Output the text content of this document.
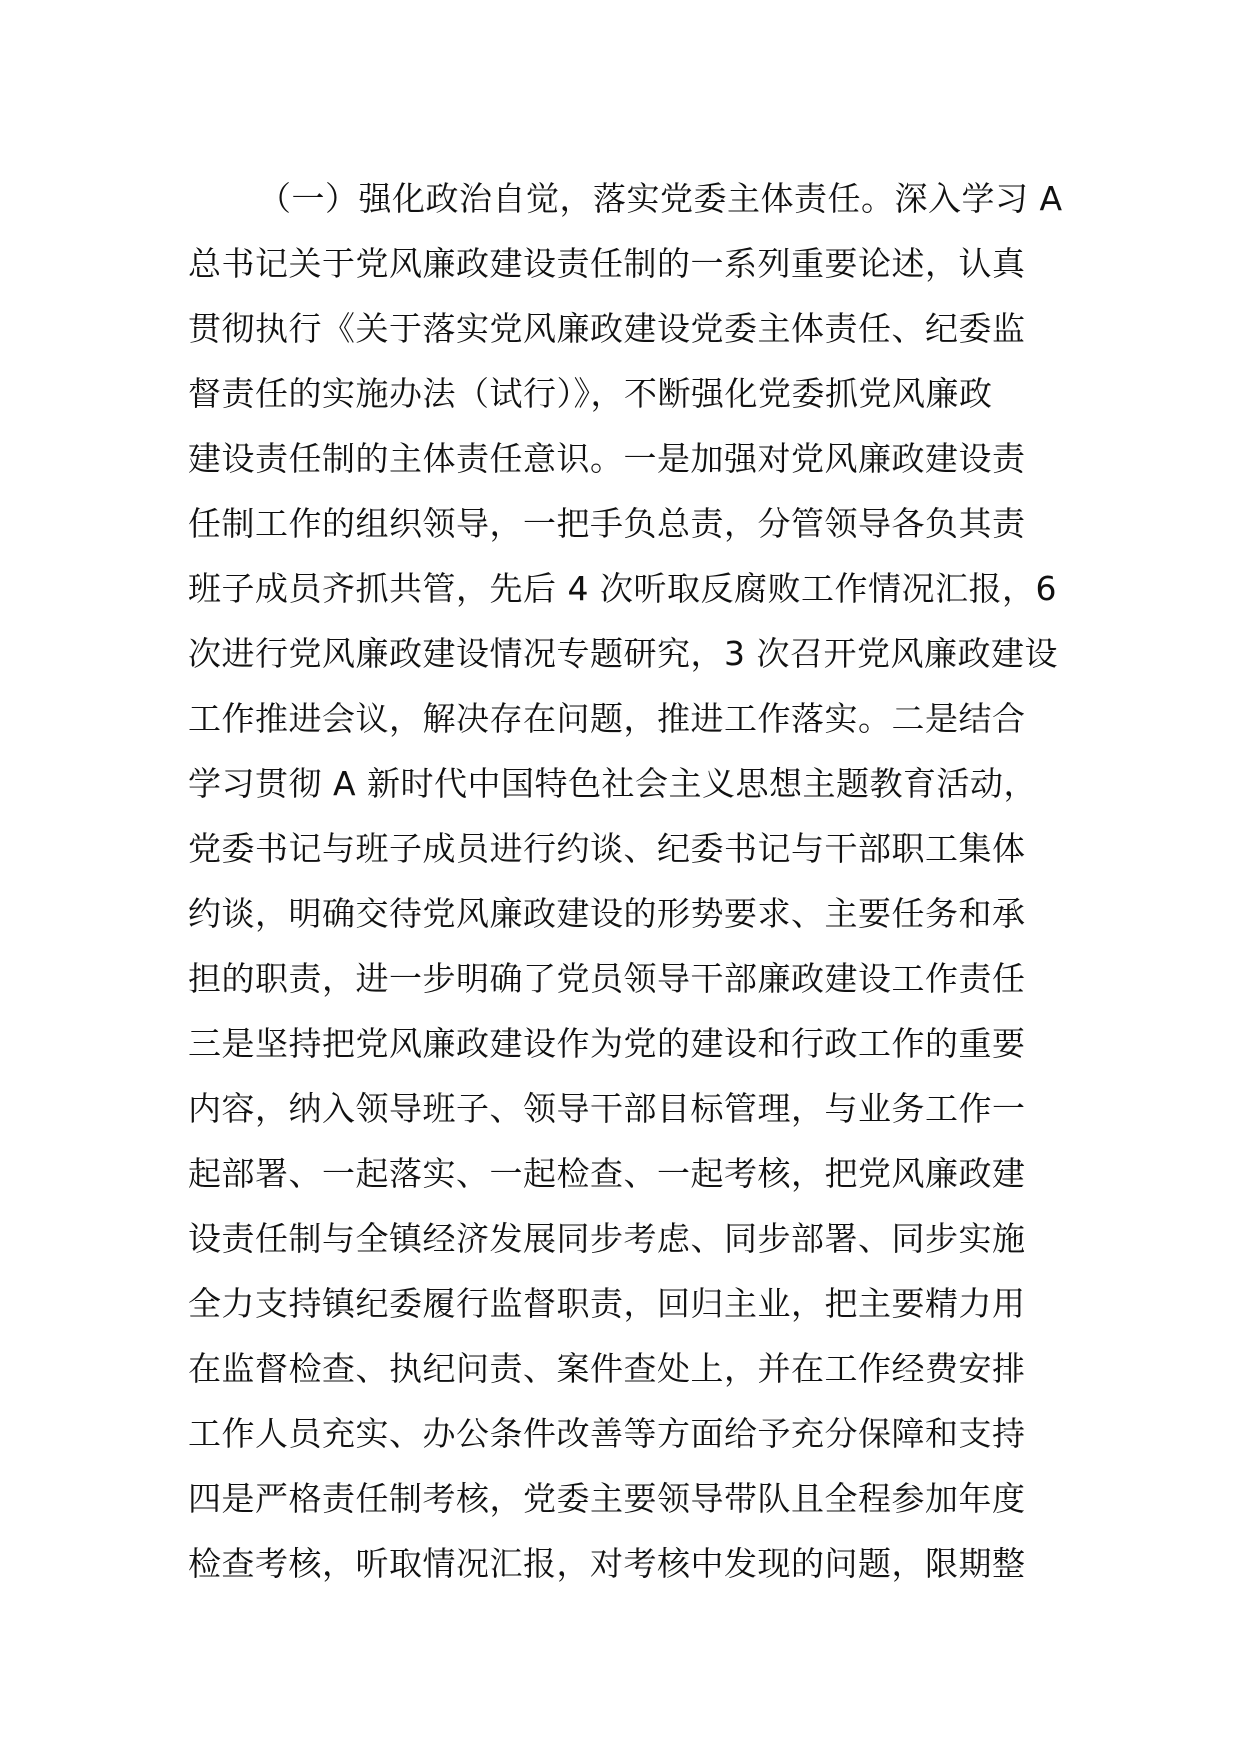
（一）强化政治自觉，落实党委主体责任。深入学习 A
总书记关于党风廉政建设责任制的一系列重要论述，认真
贯彻执行《关于落实党风廉政建设党委主体责任、纪委监
督责任的实施办法（试行）》，不断强化党委抓党风廉政
建设责任制的主体责任意识。一是加强对党风廉政建设责
任制工作的组织领导，一把手负总责，分管领导各负其责
班子成员齐抓共管，先后 4 次听取反腐败工作情况汇报，6
次进行党风廉政建设情况专题研究，3 次召开党风廉政建设
工作推进会议，解决存在问题，推进工作落实。二是结合
学习贯彻 A 新时代中国特色社会主义思想主题教育活动，
党委书记与班子成员进行约谈、纪委书记与干部职工集体
约谈，明确交待党风廉政建设的形势要求、主要任务和承
担的职责，进一步明确了党员领导干部廉政建设工作责任
三是坚持把党风廉政建设作为党的建设和行政工作的重要
内容，纳入领导班子、领导干部目标管理，与业务工作一
起部署、一起落实、一起检查、一起考核，把党风廉政建
设责任制与全镇经济发展同步考虑、同步部署、同步实施
全力支持镇纪委履行监督职责，回归主业，把主要精力用
在监督检查、执纪问责、案件查处上，并在工作经费安排
工作人员充实、办公条件改善等方面给予充分保障和支持
四是严格责任制考核，党委主要领导带队且全程参加年度
检查考核，听取情况汇报，对考核中发现的问题，限期整
